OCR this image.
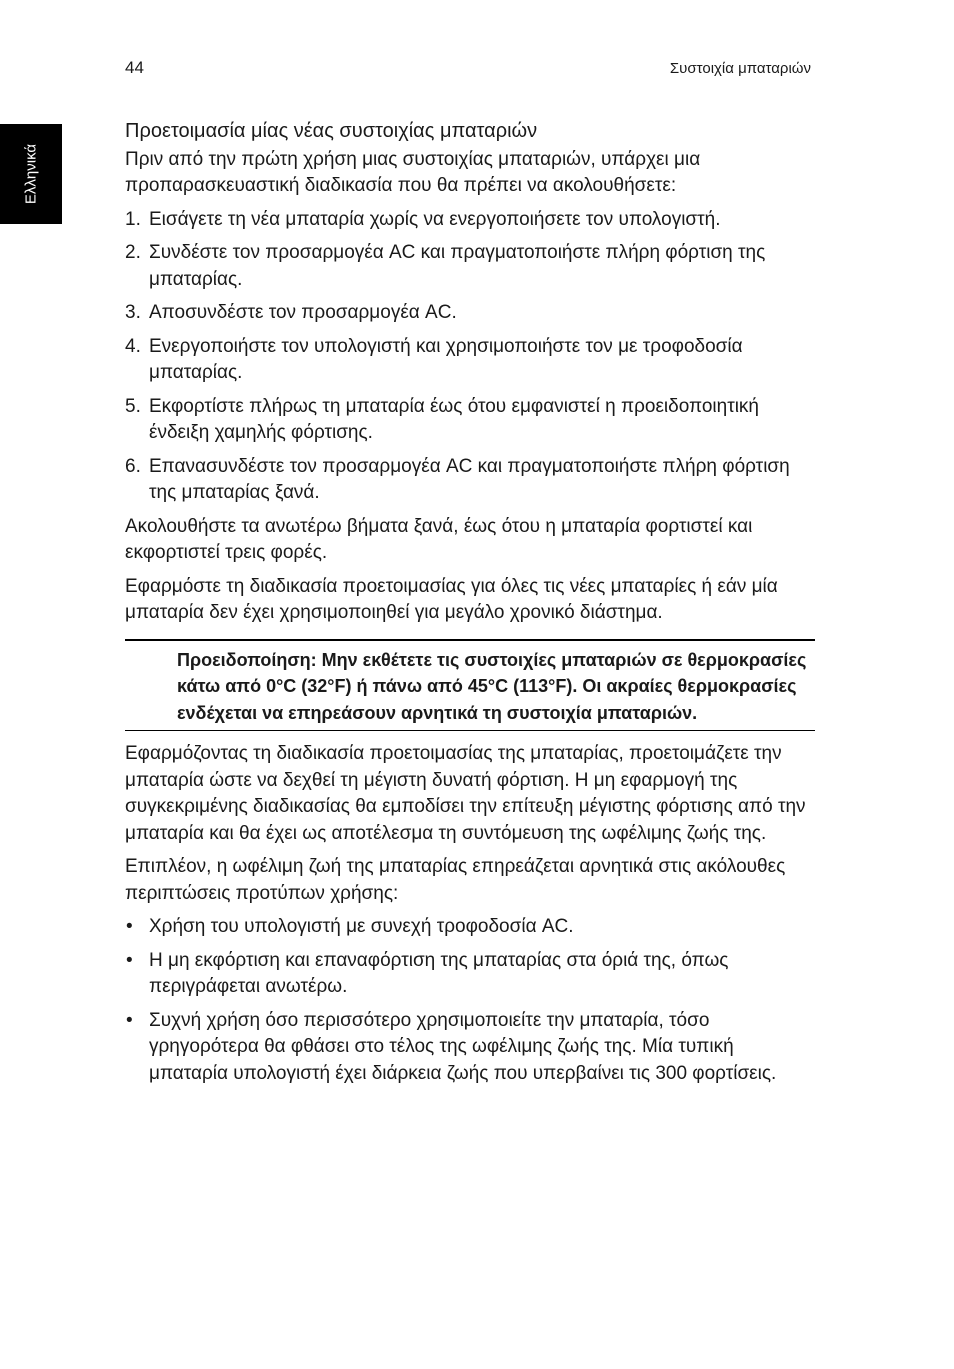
44	Συστοιχία μπαταριών
Ελληνικά
Προετοιμασία μίας νέας συστοιχίας μπαταριών

Πριν από την πρώτη χρήση μιας συστοιχίας μπαταριών, υπάρχει μια προπαρασκευαστική διαδικασία που θα πρέπει να ακολουθήσετε:

1. Εισάγετε τη νέα μπαταρία χωρίς να ενεργοποιήσετε τον υπολογιστή.
2. Συνδέστε τον προσαρμογέα AC και πραγματοποιήστε πλήρη φόρτιση της μπαταρίας.
3. Αποσυνδέστε τον προσαρμογέα AC.
4. Ενεργοποιήστε τον υπολογιστή και χρησιμοποιήστε τον με τροφοδοσία μπαταρίας.
5. Εκφορτίστε πλήρως τη μπαταρία έως ότου εμφανιστεί η προειδοποιητική ένδειξη χαμηλής φόρτισης.
6. Επανασυνδέστε τον προσαρμογέα AC και πραγματοποιήστε πλήρη φόρτιση της μπαταρίας ξανά.

Ακολουθήστε τα ανωτέρω βήματα ξανά, έως ότου η μπαταρία φορτιστεί και εκφορτιστεί τρεις φορές.

Εφαρμόστε τη διαδικασία προετοιμασίας για όλες τις νέες μπαταρίες ή εάν μία μπαταρία δεν έχει χρησιμοποιηθεί για μεγάλο χρονικό διάστημα.

Προειδοποίηση: Μην εκθέτετε τις συστοιχίες μπαταριών σε θερμοκρασίες κάτω από 0°C (32°F) ή πάνω από 45°C (113°F). Οι ακραίες θερμοκρασίες ενδέχεται να επηρεάσουν αρνητικά τη συστοιχία μπαταριών.

Εφαρμόζοντας τη διαδικασία προετοιμασίας της μπαταρίας, προετοιμάζετε την μπαταρία ώστε να δεχθεί τη μέγιστη δυνατή φόρτιση. Η μη εφαρμογή της συγκεκριμένης διαδικασίας θα εμποδίσει την επίτευξη μέγιστης φόρτισης από την μπαταρία και θα έχει ως αποτέλεσμα τη συντόμευση της ωφέλιμης ζωής της.

Επιπλέον, η ωφέλιμη ζωή της μπαταρίας επηρεάζεται αρνητικά στις ακόλουθες περιπτώσεις προτύπων χρήσης:

• Χρήση του υπολογιστή με συνεχή τροφοδοσία AC.
• Η μη εκφόρτιση και επαναφόρτιση της μπαταρίας στα όριά της, όπως περιγράφεται ανωτέρω.
• Συχνή χρήση όσο περισσότερο χρησιμοποιείτε την μπαταρία, τόσο γρηγορότερα θα φθάσει στο τέλος της ωφέλιμης ζωής της. Μία τυπική μπαταρία υπολογιστή έχει διάρκεια ζωής που υπερβαίνει τις 300 φορτίσεις.
